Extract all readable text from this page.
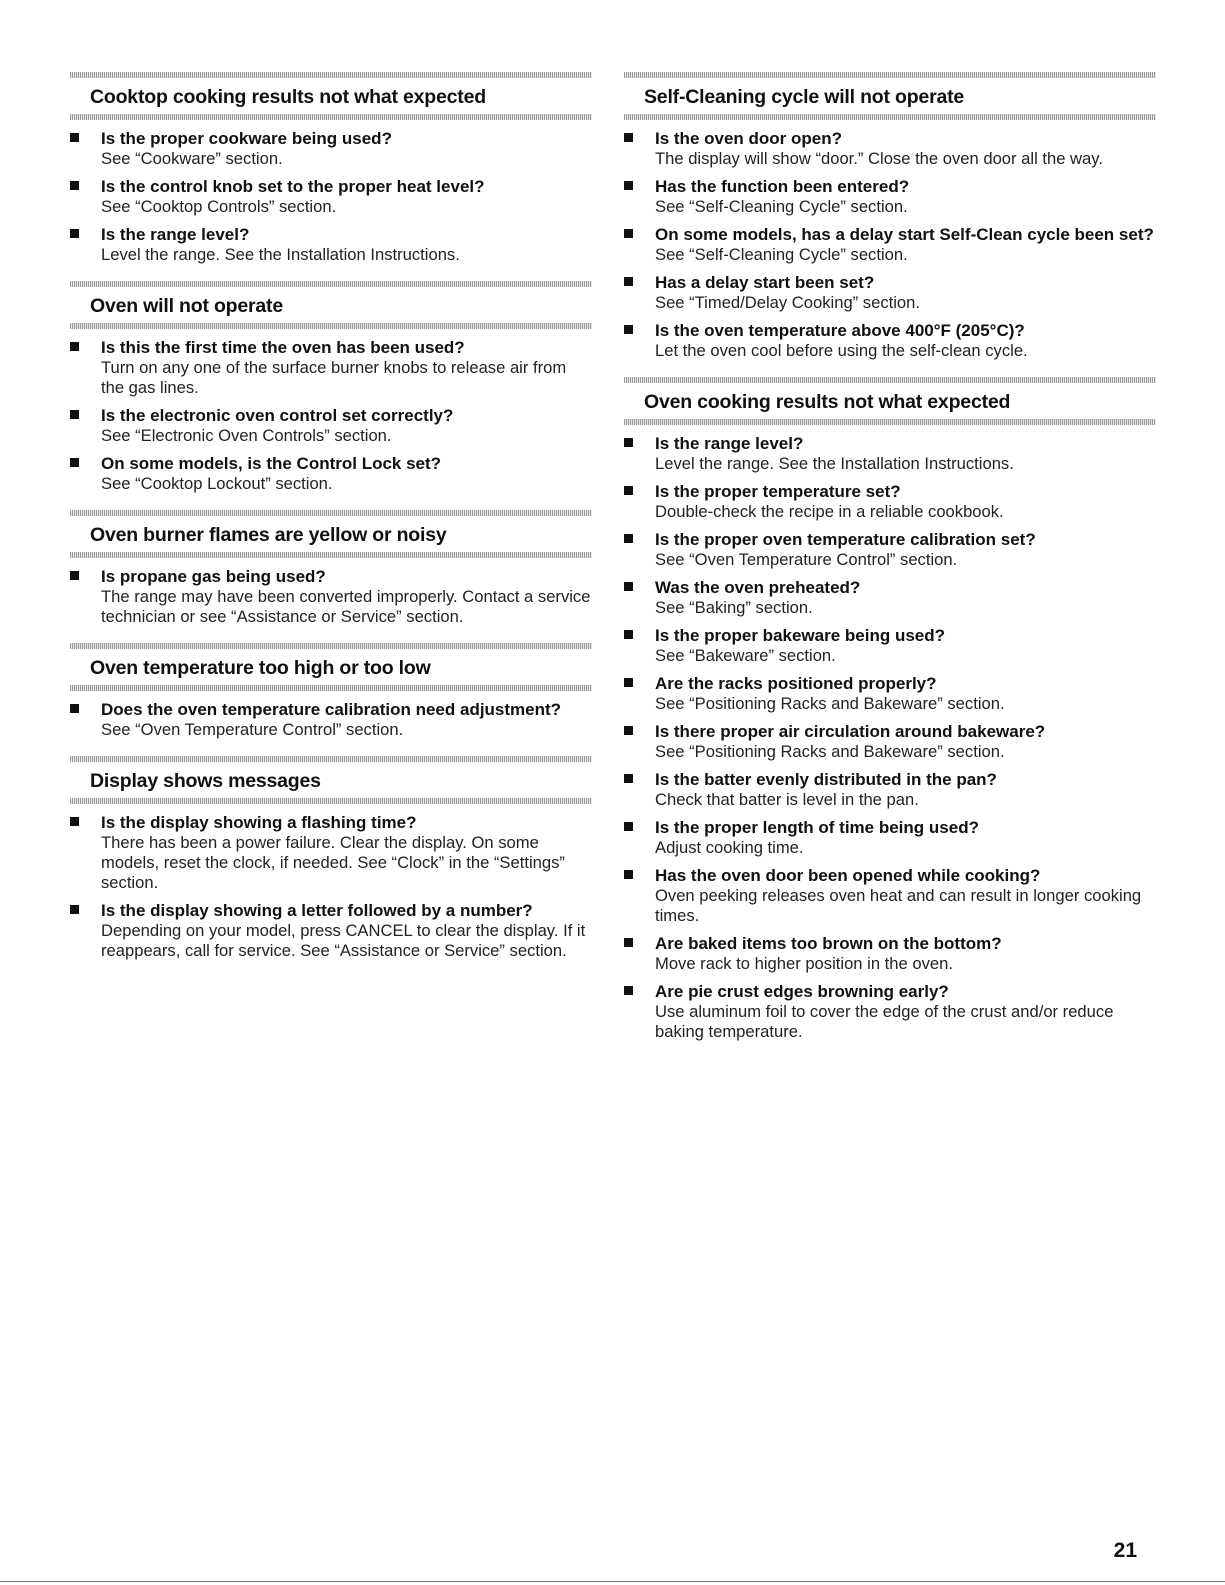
Cooktop cooking results not what expected
Is the proper cookware being used?
See “Cookware” section.
Is the control knob set to the proper heat level?
See “Cooktop Controls” section.
Is the range level?
Level the range. See the Installation Instructions.
Oven will not operate
Is this the first time the oven has been used?
Turn on any one of the surface burner knobs to release air from the gas lines.
Is the electronic oven control set correctly?
See “Electronic Oven Controls” section.
On some models, is the Control Lock set?
See “Cooktop Lockout” section.
Oven burner flames are yellow or noisy
Is propane gas being used?
The range may have been converted improperly. Contact a service technician or see “Assistance or Service” section.
Oven temperature too high or too low
Does the oven temperature calibration need adjustment?
See “Oven Temperature Control” section.
Display shows messages
Is the display showing a flashing time?
There has been a power failure. Clear the display. On some models, reset the clock, if needed. See “Clock” in the “Settings” section.
Is the display showing a letter followed by a number?
Depending on your model, press CANCEL to clear the display. If it reappears, call for service. See “Assistance or Service” section.
Self-Cleaning cycle will not operate
Is the oven door open?
The display will show “door.” Close the oven door all the way.
Has the function been entered?
See “Self-Cleaning Cycle” section.
On some models, has a delay start Self-Clean cycle been set?
See “Self-Cleaning Cycle” section.
Has a delay start been set?
See “Timed/Delay Cooking” section.
Is the oven temperature above 400°F (205°C)?
Let the oven cool before using the self-clean cycle.
Oven cooking results not what expected
Is the range level?
Level the range. See the Installation Instructions.
Is the proper temperature set?
Double-check the recipe in a reliable cookbook.
Is the proper oven temperature calibration set?
See “Oven Temperature Control” section.
Was the oven preheated?
See “Baking” section.
Is the proper bakeware being used?
See “Bakeware” section.
Are the racks positioned properly?
See “Positioning Racks and Bakeware” section.
Is there proper air circulation around bakeware?
See “Positioning Racks and Bakeware” section.
Is the batter evenly distributed in the pan?
Check that batter is level in the pan.
Is the proper length of time being used?
Adjust cooking time.
Has the oven door been opened while cooking?
Oven peeking releases oven heat and can result in longer cooking times.
Are baked items too brown on the bottom?
Move rack to higher position in the oven.
Are pie crust edges browning early?
Use aluminum foil to cover the edge of the crust and/or reduce baking temperature.
21
